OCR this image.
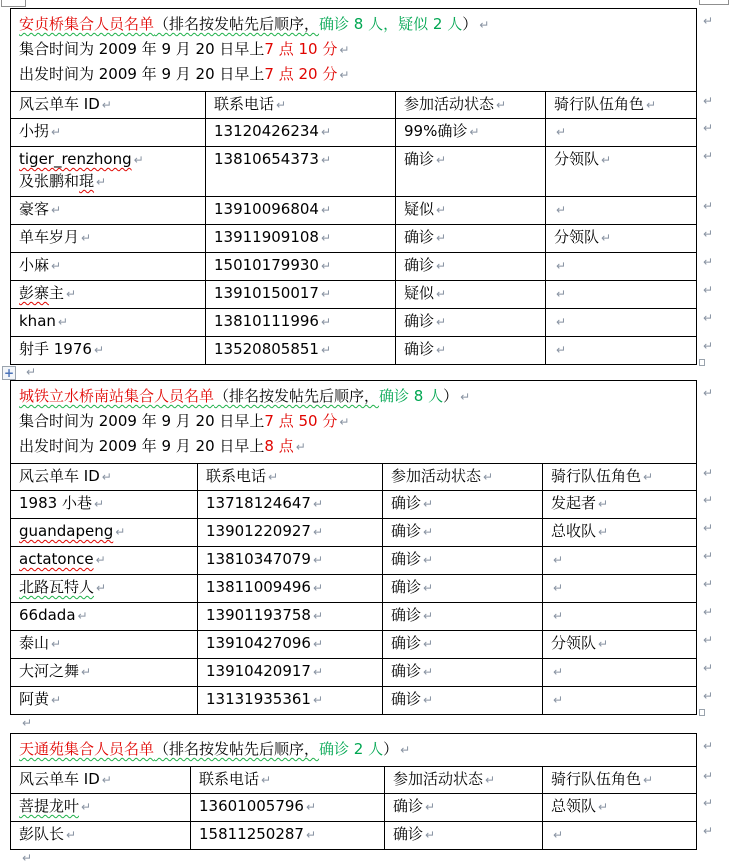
安贞桥集合人员名单（排名按发帖先后顺序，确诊 8 人，疑似 2 人） ↵
集合时间为 2009 年 9 月 20 日早上7 点 10 分 ↵
出发时间为 2009 年 9 月 20 日早上7 点 20 分 ↵
↵			

风云单车 ID ↵	联系电话 ↵	参加活动状态 ↵	骑行队伍角色 ↵ ↵

小拐 ↵	13120426234 ↵	99%确诊 ↵	↵ ↵

tiger_renzhong ↵
及张鹏和琨 ↵
	13810654373 ↵	确诊 ↵	分领队 ↵	↵

豪客 ↵	13910096804 ↵	疑似 ↵	↵ ↵

单车岁月 ↵	13911909108 ↵	确诊 ↵	分领队 ↵ ↵

小麻 ↵	15010179930 ↵	确诊 ↵	↵ ↵

彭寨主 ↵	13910150017 ↵	疑似 ↵	↵ ↵

khan ↵	13810111996 ↵	确诊 ↵	↵ ↵

射手 1976 ↵	13520805851 ↵	确诊 ↵	↵ ↵
+ ↵
城铁立水桥南站集合人员名单（排名按发帖先后顺序，确诊 8 人） ↵
集合时间为 2009 年 9 月 20 日早上7 点 50 分 ↵
出发时间为 2009 年 9 月 20 日早上8 点 ↵
↵			

风云单车 ID ↵	联系电话 ↵	参加活动状态 ↵	骑行队伍角色 ↵ ↵

1983 小巷 ↵	13718124647 ↵	确诊 ↵	发起者 ↵ ↵

guandapeng ↵	13901220927 ↵	确诊 ↵	总收队 ↵ ↵

actatonce ↵	13810347079 ↵	确诊 ↵	↵ ↵

北路瓦特人 ↵	13811009496 ↵	确诊 ↵	↵ ↵

66dada ↵	13901193758 ↵	确诊 ↵	↵ ↵

泰山 ↵	13910427096 ↵	确诊 ↵	分领队 ↵ ↵

大河之舞 ↵	13910420917 ↵	确诊 ↵	↵ ↵

阿黄 ↵	13131935361 ↵	确诊 ↵	↵ ↵
↵
天通苑集合人员名单（排名按发帖先后顺序，确诊 2 人） ↵ ↵			

风云单车 ID ↵	联系电话 ↵	参加活动状态 ↵	骑行队伍角色 ↵ ↵

菩提龙叶 ↵	13601005796 ↵	确诊 ↵	总领队 ↵ ↵

彭队长 ↵	15811250287 ↵	确诊 ↵	↵ ↵
↵
